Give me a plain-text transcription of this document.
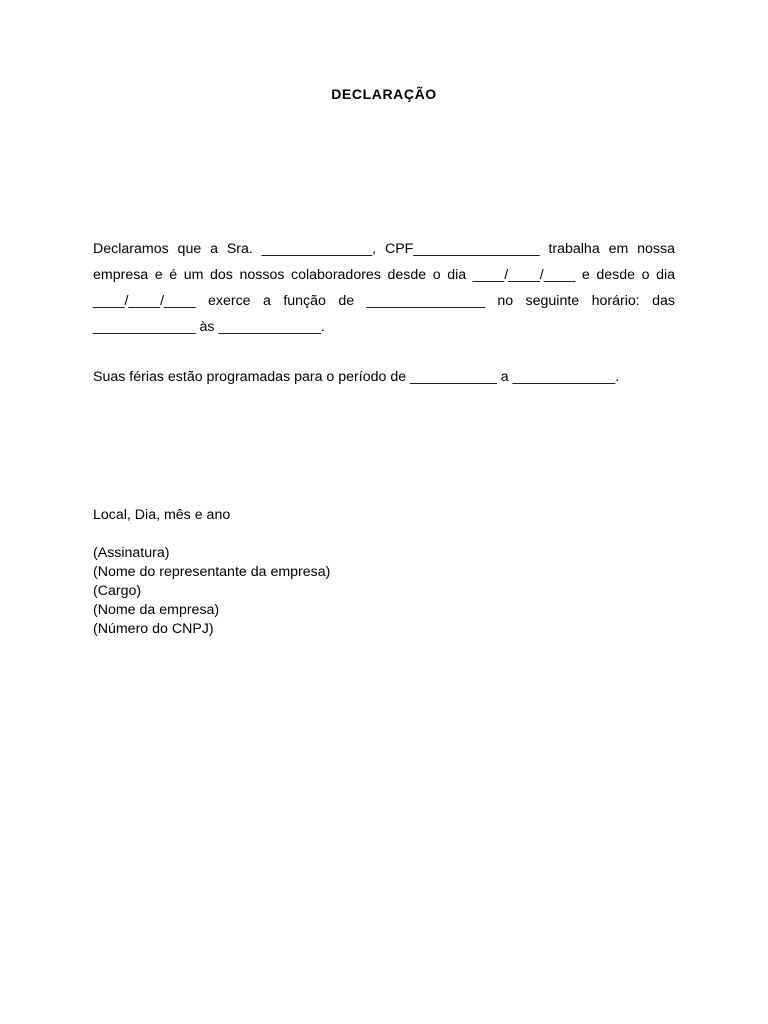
DECLARAÇÃO
Declaramos que a Sra. ______________, CPF________________ trabalha em nossa empresa e é um dos nossos colaboradores desde o dia ____/____/____ e desde o dia ____/____/____ exerce a função de _______________ no seguinte horário: das _____________ às _____________.
Suas férias estão programadas para o período de ___________ a _____________.
Local, Dia, mês e ano
(Assinatura)
(Nome do representante da empresa)
(Cargo)
(Nome da empresa)
(Número do CNPJ)
